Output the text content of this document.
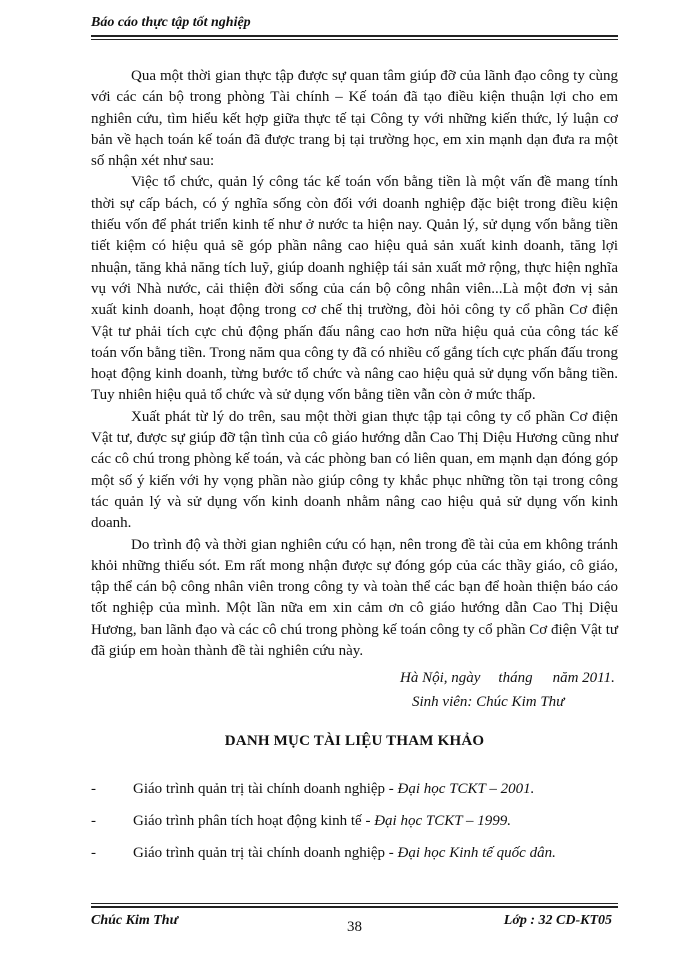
Báo cáo thực tập tốt nghiệp

Qua một thời gian thực tập được sự quan tâm giúp đỡ của lãnh đạo công ty cùng với các cán bộ trong phòng Tài chính – Kế toán đã tạo điều kiện thuận lợi cho em nghiên cứu, tìm hiểu kết hợp giữa thực tế tại Công ty với những kiến thức, lý luận cơ bản về hạch toán kế toán đã được trang bị tại trường học, em xin mạnh dạn đưa ra một số nhận xét như sau:

Việc tổ chức, quản lý công tác kế toán vốn bằng tiền là một vấn đề mang tính thời sự cấp bách, có ý nghĩa sống còn đối với doanh nghiệp đặc biệt trong điều kiện thiếu vốn để phát triển kinh tế như ở nước ta hiện nay. Quản lý, sử dụng vốn bằng tiền tiết kiệm có hiệu quả sẽ góp phần nâng cao hiệu quả sản xuất kinh doanh, tăng lợi nhuận, tăng khả năng tích luỹ, giúp doanh nghiệp tái sản xuất mở rộng, thực hiện nghĩa vụ với Nhà nước, cải thiện đời sống của cán bộ công nhân viên...Là một đơn vị sản xuất kinh doanh, hoạt động trong cơ chế thị trường, đòi hỏi công ty cổ phần Cơ điện Vật tư phải tích cực chủ động phấn đấu nâng cao hơn nữa hiệu quả của công tác kế toán vốn bằng tiền. Trong năm qua công ty đã có nhiều cố gắng tích cực phấn đấu trong hoạt động kinh doanh, từng bước tổ chức và nâng cao hiệu quả sử dụng vốn bằng tiền. Tuy nhiên hiệu quả tổ chức và sử dụng vốn bằng tiền vẫn còn ở mức thấp.

Xuất phát từ lý do trên, sau một thời gian thực tập tại công ty cổ phần Cơ điện Vật tư, được sự giúp đỡ tận tình của cô giáo hướng dẫn Cao Thị Diệu Hương cũng như các cô chú trong phòng kế toán, và các phòng ban có liên quan, em mạnh dạn đóng góp một số ý kiến với hy vọng phần nào giúp công ty khắc phục những tồn tại trong công tác quản lý và sử dụng vốn kinh doanh nhằm nâng cao hiệu quả sử dụng vốn kinh doanh.

Do trình độ và thời gian nghiên cứu có hạn, nên trong đề tài của em không tránh khỏi những thiếu sót. Em rất mong nhận được sự đóng góp của các thầy giáo, cô giáo, tập thể cán bộ công nhân viên trong công ty và toàn thể các bạn để hoàn thiện báo cáo tốt nghiệp của mình. Một lần nữa em xin cảm ơn cô giáo hướng dẫn Cao Thị Diệu Hương, ban lãnh đạo và các cô chú trong phòng kế toán công ty cổ phần Cơ điện Vật tư đã giúp em hoàn thành đề tài nghiên cứu này.

Hà Nội, ngày tháng năm 2011.

Sinh viên: Chúc Kim Thư

DANH MỤC TÀI LIỆU THAM KHẢO
- Giáo trình quản trị tài chính doanh nghiệp - Đại học TCKT – 2001.
- Giáo trình phân tích hoạt động kinh tế - Đại học TCKT – 1999.
- Giáo trình quản trị tài chính doanh nghiệp - Đại học Kinh tế quốc dân.
Chúc Kim Thư	38	Lớp : 32 CD-KT05
